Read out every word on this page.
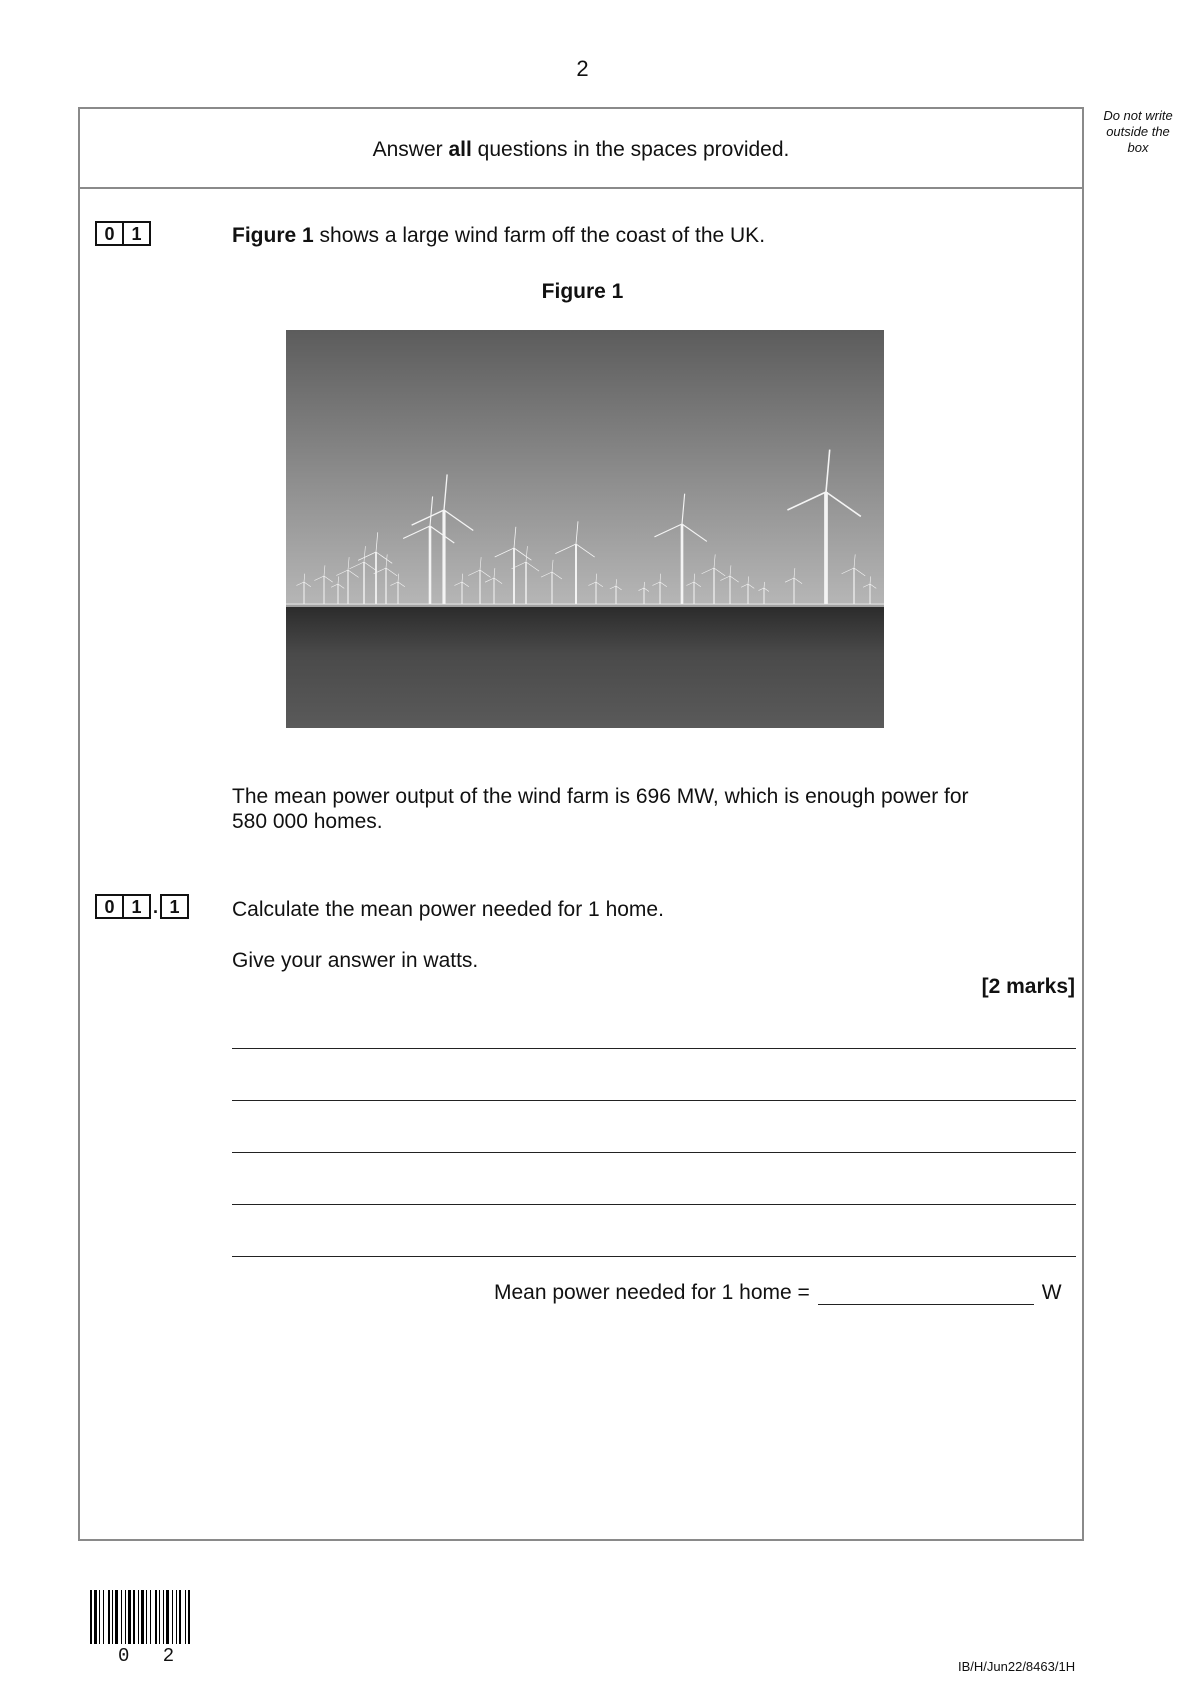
2
Do not write
outside the
box
Answer all questions in the spaces provided.
0 1	Figure 1 shows a large wind farm off the coast of the UK.
Figure 1
The mean power output of the wind farm is 696 MW, which is enough power for
580 000 homes.
0 1 . 1	Calculate the mean power needed for 1 home.
Give your answer in watts.
[2 marks]
Mean power needed for 1 home =	W
0 2	IB/H/Jun22/8463/1H
